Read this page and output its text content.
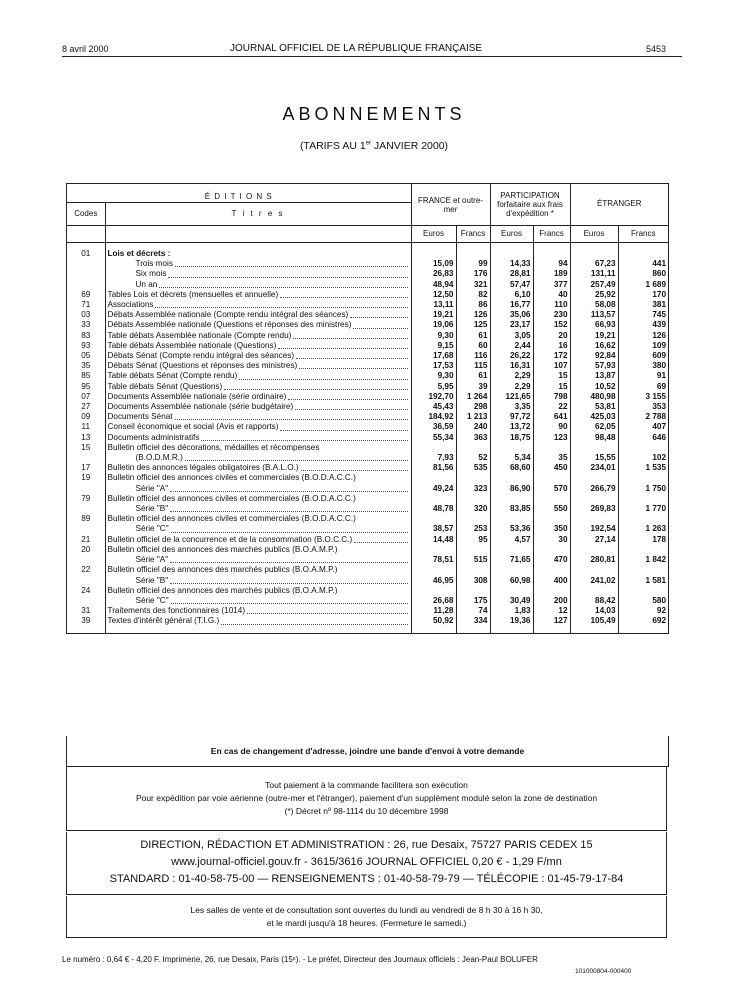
8 avril 2000	JOURNAL OFFICIEL DE LA RÉPUBLIQUE FRANÇAISE	5453
ABONNEMENTS
(TARIFS AU 1er JANVIER 2000)
É D I T I O N S		FRANCE et outre-mer		PARTICIPATION forfaitaire aux frais d'expédition *		ÉTRANGER	
Codes	T i t r e s						
		Euros	Francs	Euros	Francs	Euros	Francs

01	Lois et décrets :						

	Trois mois	15,09	99	14,33	94	67,23	441

	Six mois	26,83	176	28,81	189	131,11	860

	Un an	48,94	321	57,47	377	257,49	1 689
69	Tables Lois et décrets (mensuelles et annuelle)	12,50	82	6,10	40	25,92	170
71	Associations	13,11	86	16,77	110	58,08	381
03	Débats Assemblée nationale (Compte rendu intégral des séances)	19,21	126	35,06	230	113,57	745
33	Débats Assemblée nationale (Questions et réponses des ministres)	19,06	125	23,17	152	66,93	439
83	Table débats Assemblée nationale (Compte rendu)	9,30	61	3,05	20	19,21	126
93	Table débats Assemblée nationale (Questions)	9,15	60	2,44	16	16,62	109
05	Débats Sénat (Compte rendu intégral des séances)	17,68	116	26,22	172	92,84	609
35	Débats Sénat (Questions et réponses des ministres)	17,53	115	16,31	107	57,93	380
85	Table débats Sénat (Compte rendu)	9,30	61	2,29	15	13,87	91
95	Table débats Sénat (Questions)	5,95	39	2,29	15	10,52	69
07	Documents Assemblée nationale (série ordinaire)	192,70	1 264	121,65	798	480,98	3 155
27	Documents Assemblée nationale (série budgétaire)	45,43	298	3,35	22	53,81	353
09	Documents Sénat	184,92	1 213	97,72	641	425,03	2 788
11	Conseil économique et social (Avis et rapports)	36,59	240	13,72	90	62,05	407
13	Documents administratifs	55,34	363	18,75	123	98,48	646
15	Bulletin officiel des décorations, médailles et récompenses						

	(B.O.D.M.R.)	7,93	52	5,34	35	15,55	102
17	Bulletin des annonces légales obligatoires (B.A.L.O.)	81,56	535	68,60	450	234,01	1 535
19	Bulletin officiel des annonces civiles et commerciales (B.O.D.A.C.C.)						

	Série "A"	49,24	323	86,90	570	266,79	1 750
79	Bulletin officiel des annonces civiles et commerciales (B.O.D.A.C.C.)						

	Série "B"	48,78	320	83,85	550	269,83	1 770
89	Bulletin officiel des annonces civiles et commerciales (B.O.D.A.C.C.)						

	Série "C"	38,57	253	53,36	350	192,54	1 263
21	Bulletin officiel de la concurrence et de la consommation (B.O.C.C.)	14,48	95	4,57	30	27,14	178
20	Bulletin officiel des annonces des marchés publics (B.O.A.M.P.)						

	Série "A"	78,51	515	71,65	470	280,81	1 842
22	Bulletin officiel des annonces des marchés publics (B.O.A.M.P.)						

	Série "B"	46,95	308	60,98	400	241,02	1 581
24	Bulletin officiel des annonces des marchés publics (B.O.A.M.P.)						

	Série "C"	26,68	175	30,49	200	88,42	580
31	Traitements des fonctionnaires (1014)	11,28	74	1,83	12	14,03	92
39	Textes d'intérêt général (T.I.G.)	50,92	334	19,36	127	105,49	692

En cas de changement d'adresse, joindre une bande d'envoi à votre demande

Tout paiement à la commande facilitera son exécution

Pour expédition par voie aérienne (outre-mer et l'étranger), paiement d'un supplément modulé selon la zone de destination

(*) Décret nº 98-1114 du 10 décembre 1998

DIRECTION, RÉDACTION ET ADMINISTRATION : 26, rue Desaix, 75727 PARIS CEDEX 15

www.journal-officiel.gouv.fr - 3615/3616 JOURNAL OFFICIEL 0,20 € - 1,29 F/mn

STANDARD : 01-40-58-75-00 — RENSEIGNEMENTS : 01-40-58-79-79 — TÉLÉCOPIE : 01-45-79-17-84

Les salles de vente et de consultation sont ouvertes du lundi au vendredi de 8 h 30 à 16 h 30,

et le mardi jusqu'à 18 heures. (Fermeture le samedi.)

Le numéro : 0,64 € - 4,20 F. Imprimerie, 26, rue Desaix, Paris (15ᵉ). - Le préfet, Directeur des Journaux officiels : Jean-Paul BOLUFER
101000804-000400
